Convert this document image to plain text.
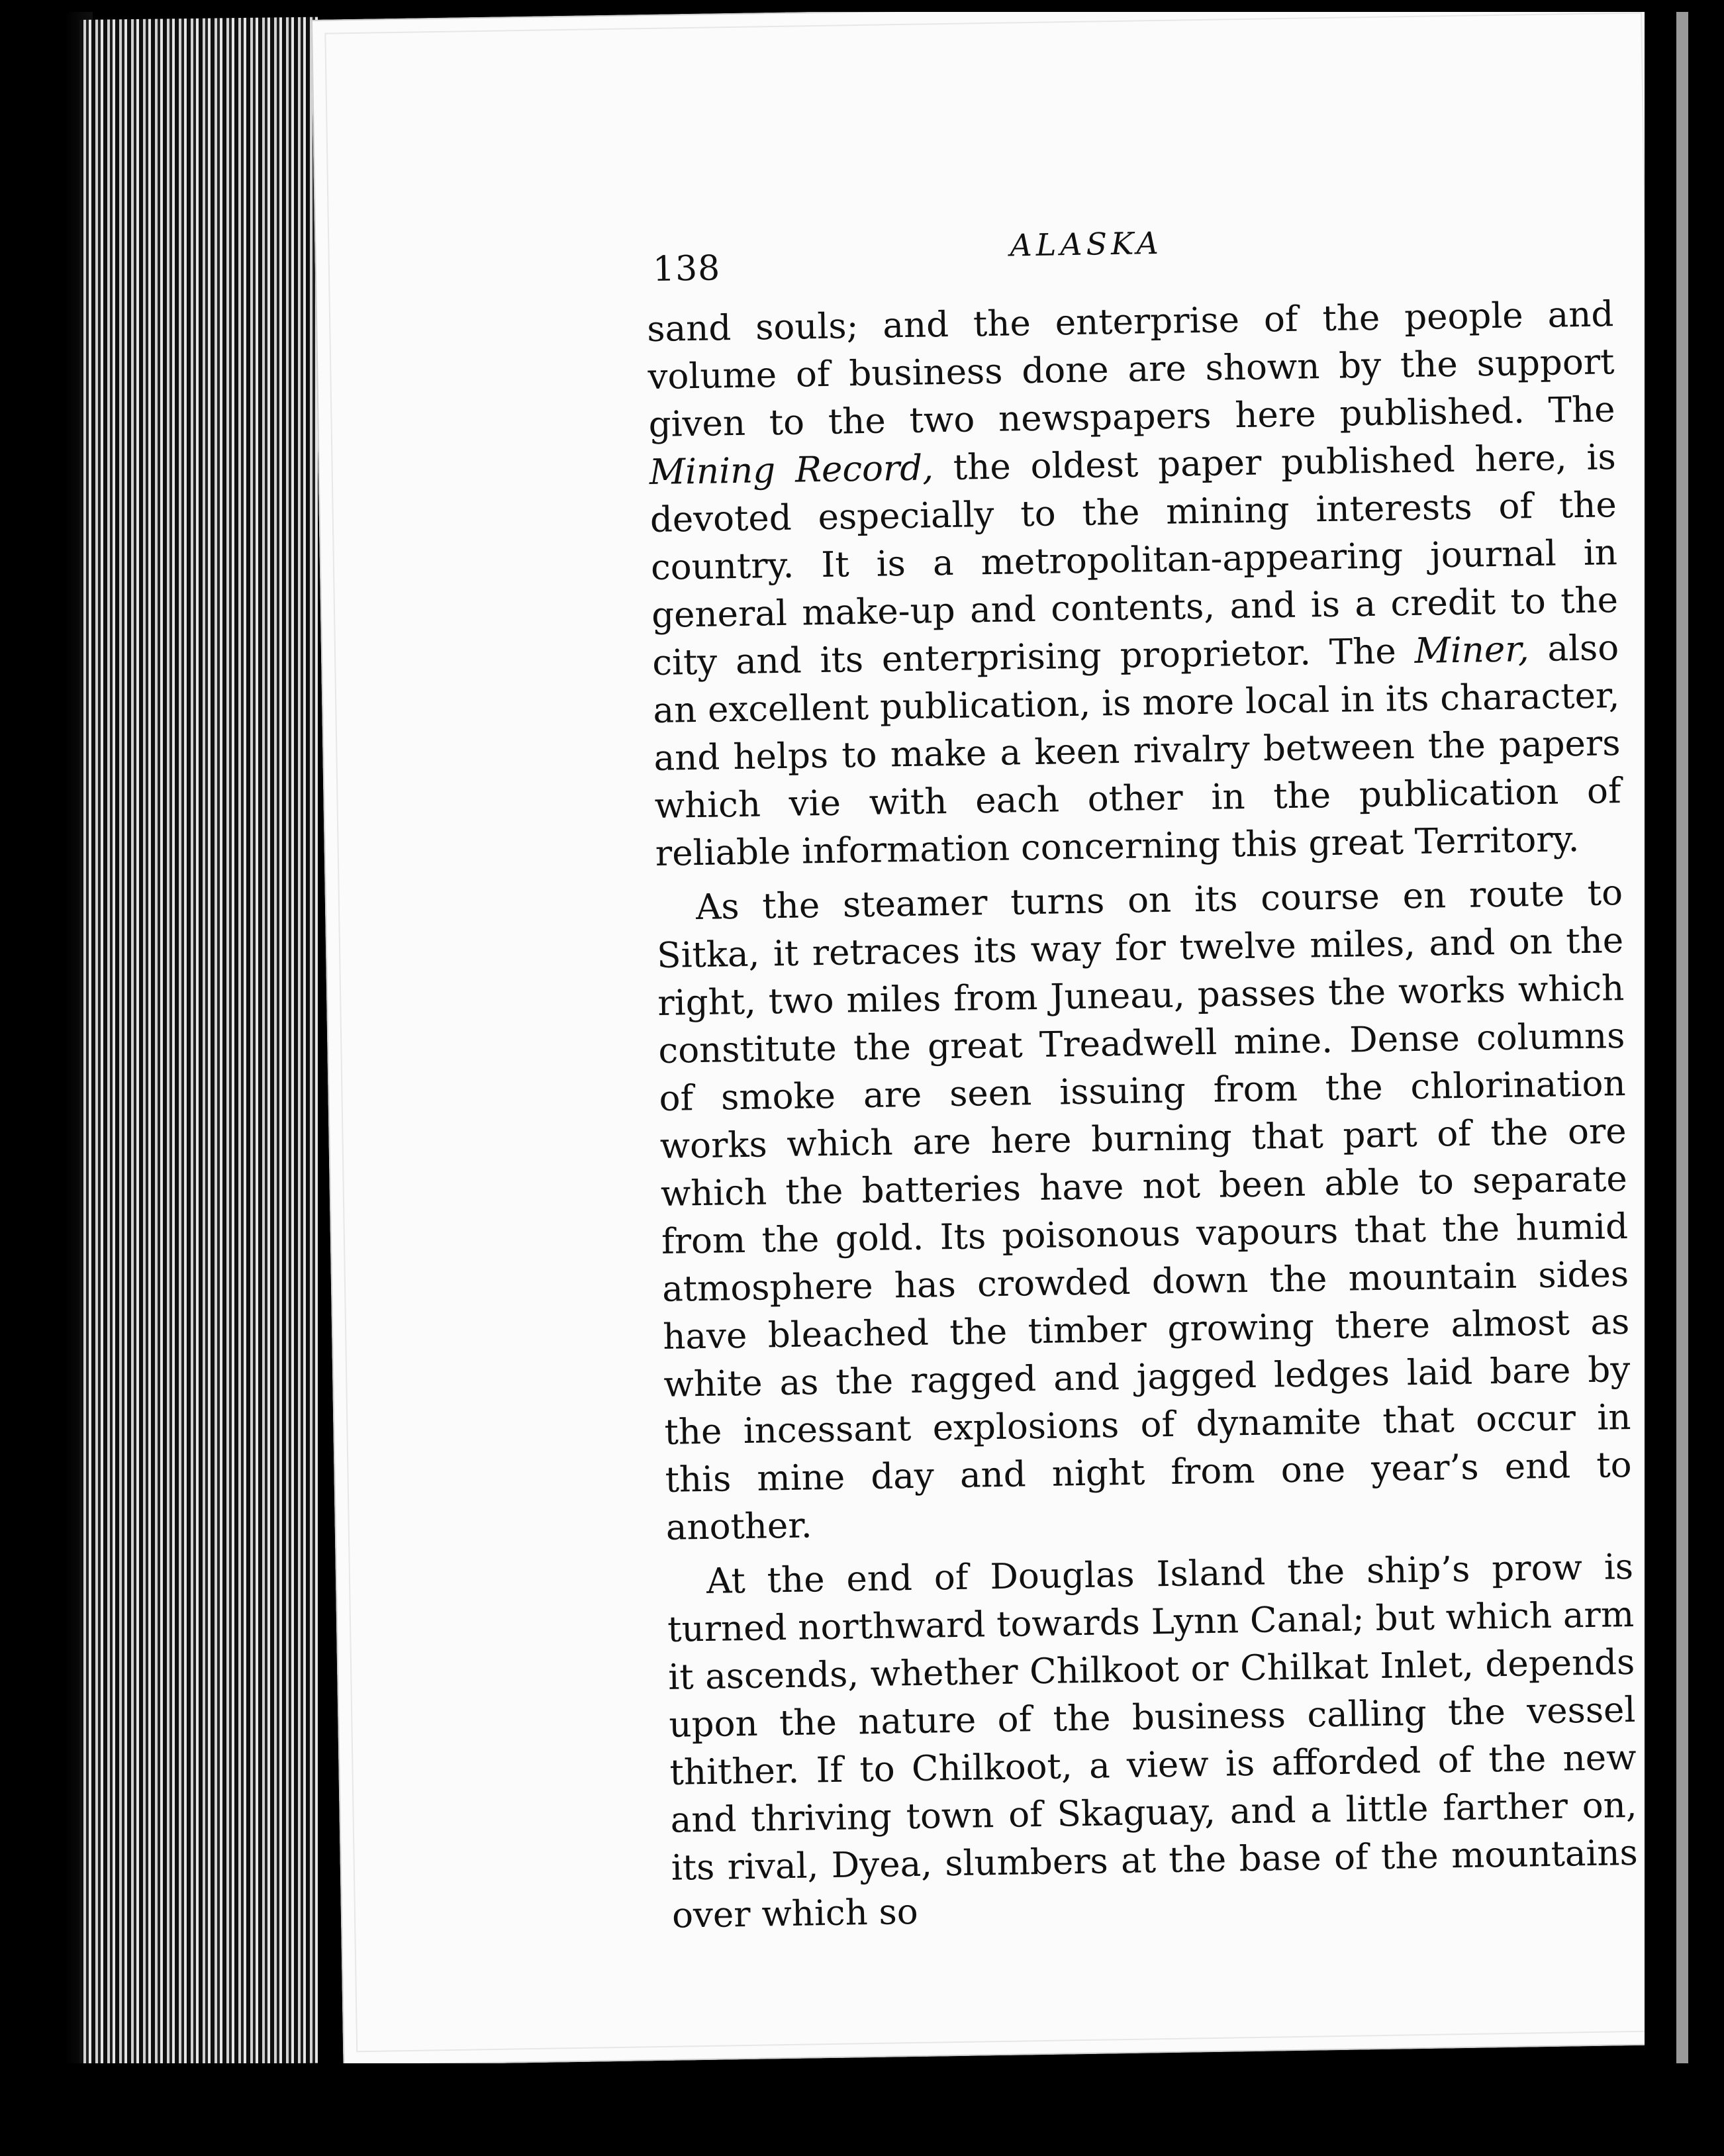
138
ALASKA

sand souls; and the enterprise of the people and volume of business done are shown by the support given to the two newspapers here published. The Mining Record, the oldest paper published here, is devoted especially to the mining interests of the country. It is a metropolitan-appearing journal in general make-up and contents, and is a credit to the city and its enterprising proprietor. The Miner, also an excellent publication, is more local in its character, and helps to make a keen rivalry between the papers which vie with each other in the publication of reliable information concerning this great Territory.

As the steamer turns on its course en route to Sitka, it retraces its way for twelve miles, and on the right, two miles from Juneau, passes the works which constitute the great Treadwell mine. Dense columns of smoke are seen issuing from the chlorination works which are here burning that part of the ore which the batteries have not been able to separate from the gold. Its poisonous vapours that the humid atmosphere has crowded down the mountain sides have bleached the timber growing there almost as white as the ragged and jagged ledges laid bare by the incessant explosions of dynamite that occur in this mine day and night from one year’s end to another.

At the end of Douglas Island the ship’s prow is turned northward towards Lynn Canal; but which arm it ascends, whether Chilkoot or Chilkat Inlet, depends upon the nature of the business calling the vessel thither. If to Chilkoot, a view is afforded of the new and thriving town of Skaguay, and a little farther on, its rival, Dyea, slumbers at the base of the mountains over which so
